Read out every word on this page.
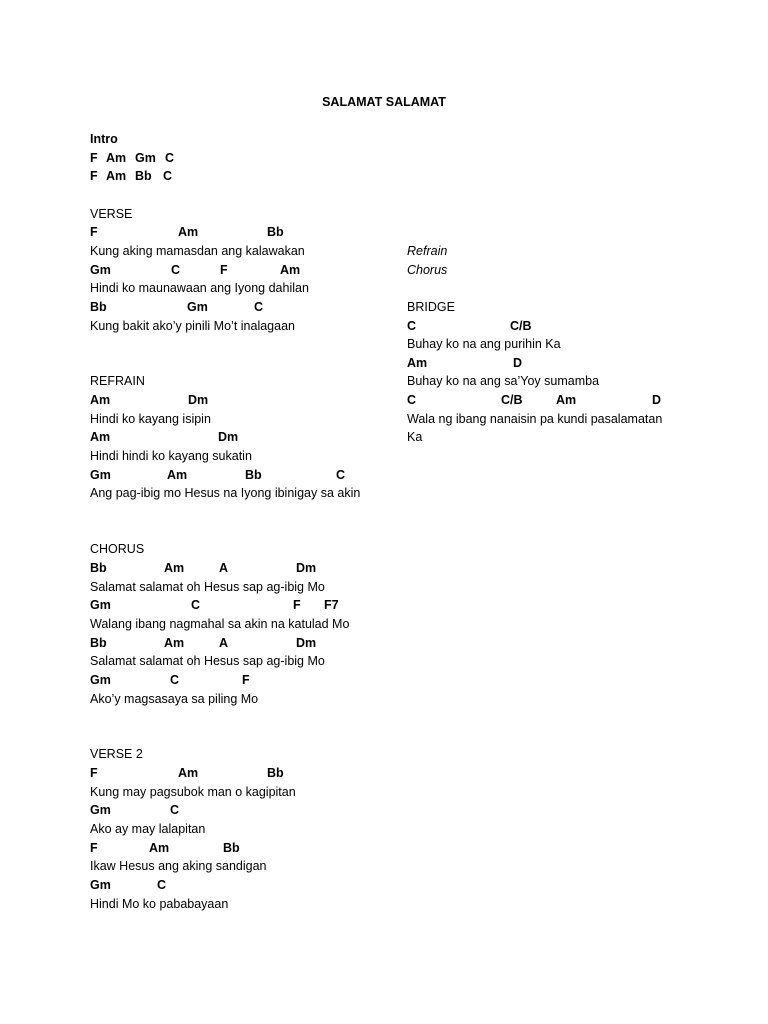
SALAMAT SALAMAT
Intro
F Am Gm C
F Am Bb C
VERSE
F	Am	Bb
Kung aking mamasdan ang kalawakan
Gm	C	F	Am
Hindi ko maunawaan ang Iyong dahilan
Bb	Gm	C
Kung bakit ako’y pinili Mo’t inalagaan
REFRAIN
Am	Dm
Hindi ko kayang isipin
Am	Dm
Hindi hindi ko kayang sukatin
Gm	Am	Bb	C
Ang pag-ibig mo Hesus na Iyong ibinigay sa akin
CHORUS
Bb	Am	A	Dm
Salamat salamat oh Hesus sap ag-ibig Mo
Gm	C	F F7
Walang ibang nagmahal sa akin na katulad Mo
Bb	Am	A	Dm
Salamat salamat oh Hesus sap ag-ibig Mo
Gm	C	F
Ako’y magsasaya sa piling Mo
VERSE 2
F	Am	Bb
Kung may pagsubok man o kagipitan
Gm	C
Ako ay may lalapitan
F	Am	Bb
Ikaw Hesus ang aking sandigan
Gm	C
Hindi Mo ko pababayaan
Refrain
Chorus
BRIDGE
C	C/B
Buhay ko na ang purihin Ka
Am	D
Buhay ko na ang sa’Yoy sumamba
C	C/B	Am	D
Wala ng ibang nanaisin pa kundi pasalamatan
Ka
